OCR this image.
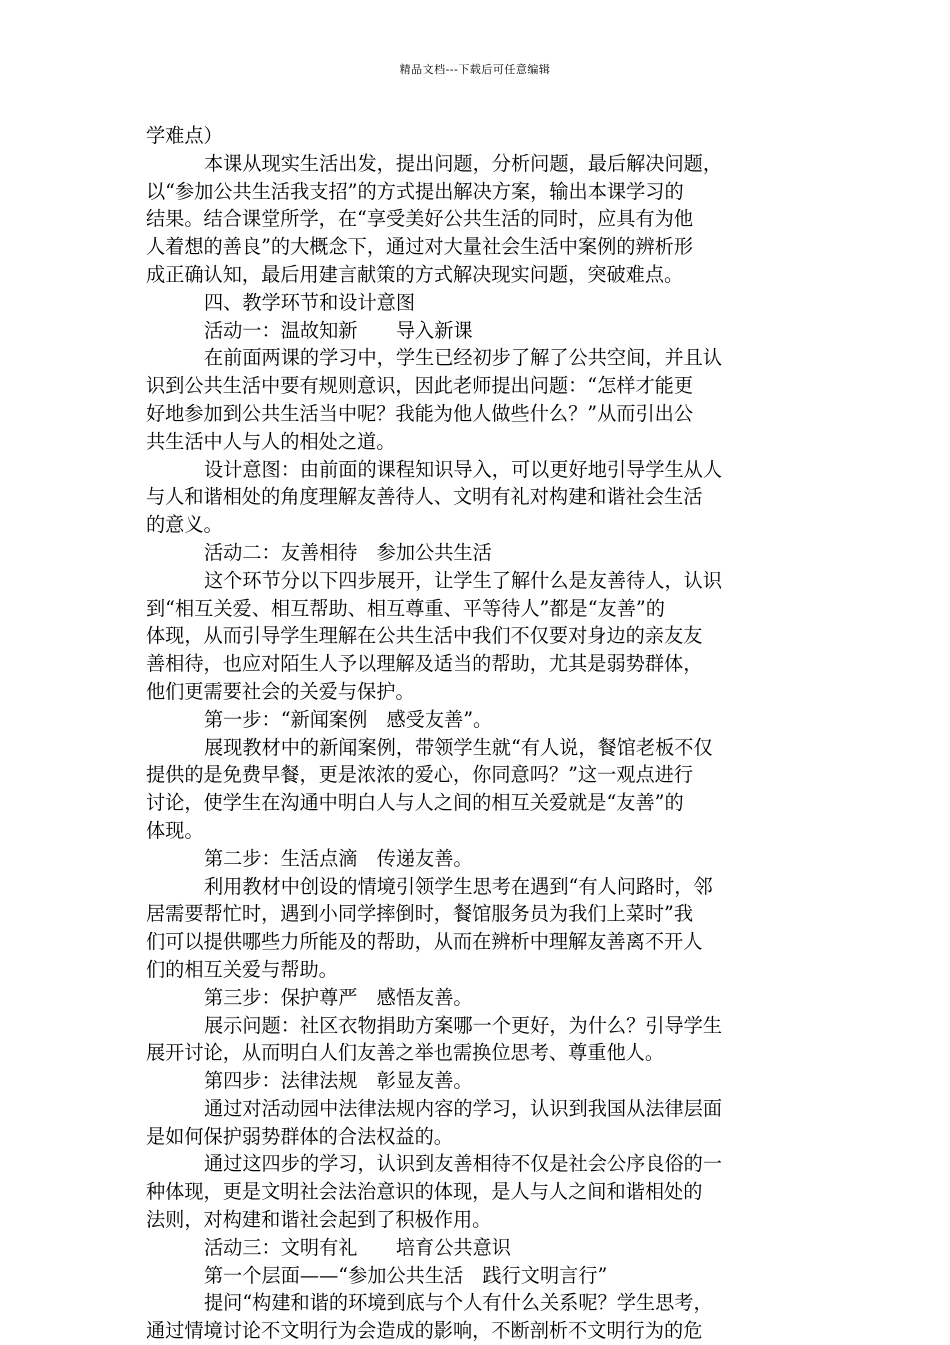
精品文档---下载后可任意编辑
学难点）
本课从现实生活出发，提出问题，分析问题，最后解决问题，
以“参加公共生活我支招”的方式提出解决方案，输出本课学习的
结果。结合课堂所学，在“享受美好公共生活的同时，应具有为他
人着想的善良”的大概念下，通过对大量社会生活中案例的辨析形
成正确认知，最后用建言献策的方式解决现实问题，突破难点。
四、教学环节和设计意图
活动一：温故知新　　导入新课
在前面两课的学习中，学生已经初步了解了公共空间，并且认
识到公共生活中要有规则意识，因此老师提出问题：“怎样才能更
好地参加到公共生活当中呢？我能为他人做些什么？”从而引出公
共生活中人与人的相处之道。
设计意图：由前面的课程知识导入，可以更好地引导学生从人
与人和谐相处的角度理解友善待人、文明有礼对构建和谐社会生活
的意义。
活动二：友善相待　参加公共生活
这个环节分以下四步展开，让学生了解什么是友善待人，认识
到“相互关爱、相互帮助、相互尊重、平等待人”都是“友善”的
体现，从而引导学生理解在公共生活中我们不仅要对身边的亲友友
善相待，也应对陌生人予以理解及适当的帮助，尤其是弱势群体，
他们更需要社会的关爱与保护。
第一步：“新闻案例　感受友善”。
展现教材中的新闻案例，带领学生就“有人说，餐馆老板不仅
提供的是免费早餐，更是浓浓的爱心，你同意吗？”这一观点进行
讨论，使学生在沟通中明白人与人之间的相互关爱就是“友善”的
体现。
第二步：生活点滴　传递友善。
利用教材中创设的情境引领学生思考在遇到“有人问路时，邻
居需要帮忙时，遇到小同学摔倒时，餐馆服务员为我们上菜时”我
们可以提供哪些力所能及的帮助，从而在辨析中理解友善离不开人
们的相互关爱与帮助。
第三步：保护尊严　感悟友善。
展示问题：社区衣物捐助方案哪一个更好，为什么？引导学生
展开讨论，从而明白人们友善之举也需换位思考、尊重他人。
第四步：法律法规　彰显友善。
通过对活动园中法律法规内容的学习，认识到我国从法律层面
是如何保护弱势群体的合法权益的。
通过这四步的学习，认识到友善相待不仅是社会公序良俗的一
种体现，更是文明社会法治意识的体现，是人与人之间和谐相处的
法则，对构建和谐社会起到了积极作用。
活动三：文明有礼　　培育公共意识
第一个层面——“参加公共生活　践行文明言行”
提问“构建和谐的环境到底与个人有什么关系呢？学生思考，
通过情境讨论不文明行为会造成的影响，不断剖析不文明行为的危
